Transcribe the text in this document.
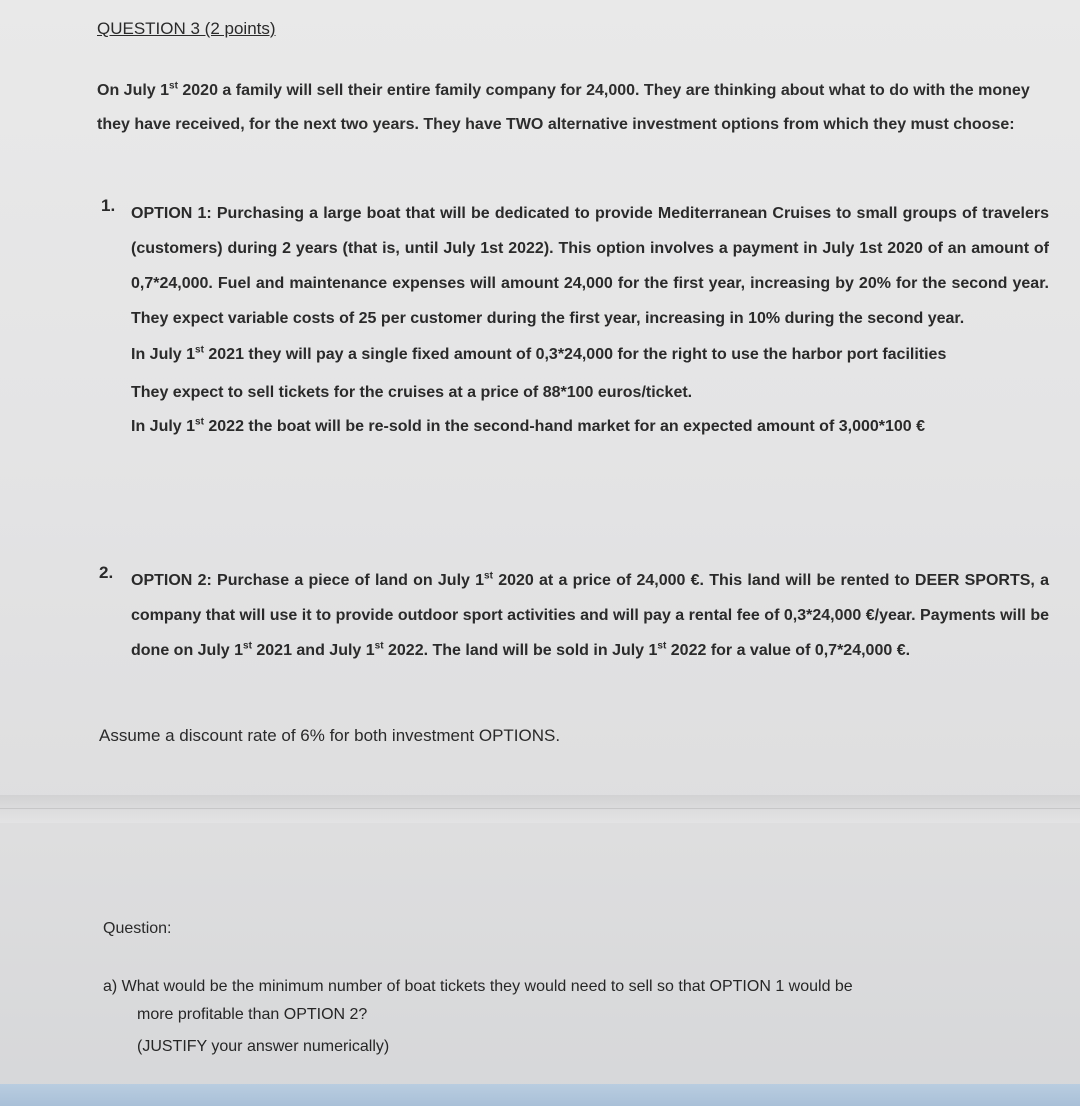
QUESTION 3 (2 points)
On July 1st 2020 a family will sell their entire family company for 24,000. They are thinking about what to do with the money they have received, for the next two years. They have TWO alternative investment options from which they must choose:
1. OPTION 1: Purchasing a large boat that will be dedicated to provide Mediterranean Cruises to small groups of travelers (customers) during 2 years (that is, until July 1st 2022). This option involves a payment in July 1st 2020 of an amount of 0,7*24,000. Fuel and maintenance expenses will amount 24,000 for the first year, increasing by 20% for the second year. They expect variable costs of 25 per customer during the first year, increasing in 10% during the second year.
In July 1st 2021 they will pay a single fixed amount of 0,3*24,000 for the right to use the harbor port facilities
They expect to sell tickets for the cruises at a price of 88*100 euros/ticket.
In July 1st 2022 the boat will be re-sold in the second-hand market for an expected amount of 3,000*100 €
2. OPTION 2: Purchase a piece of land on July 1st 2020 at a price of 24,000 €. This land will be rented to DEER SPORTS, a company that will use it to provide outdoor sport activities and will pay a rental fee of 0,3*24,000 €/year. Payments will be done on July 1st 2021 and July 1st 2022. The land will be sold in July 1st 2022 for a value of 0,7*24,000 €.
Assume a discount rate of 6% for both investment OPTIONS.
Question:
a) What would be the minimum number of boat tickets they would need to sell so that OPTION 1 would be
more profitable than OPTION 2?
(JUSTIFY your answer numerically)
